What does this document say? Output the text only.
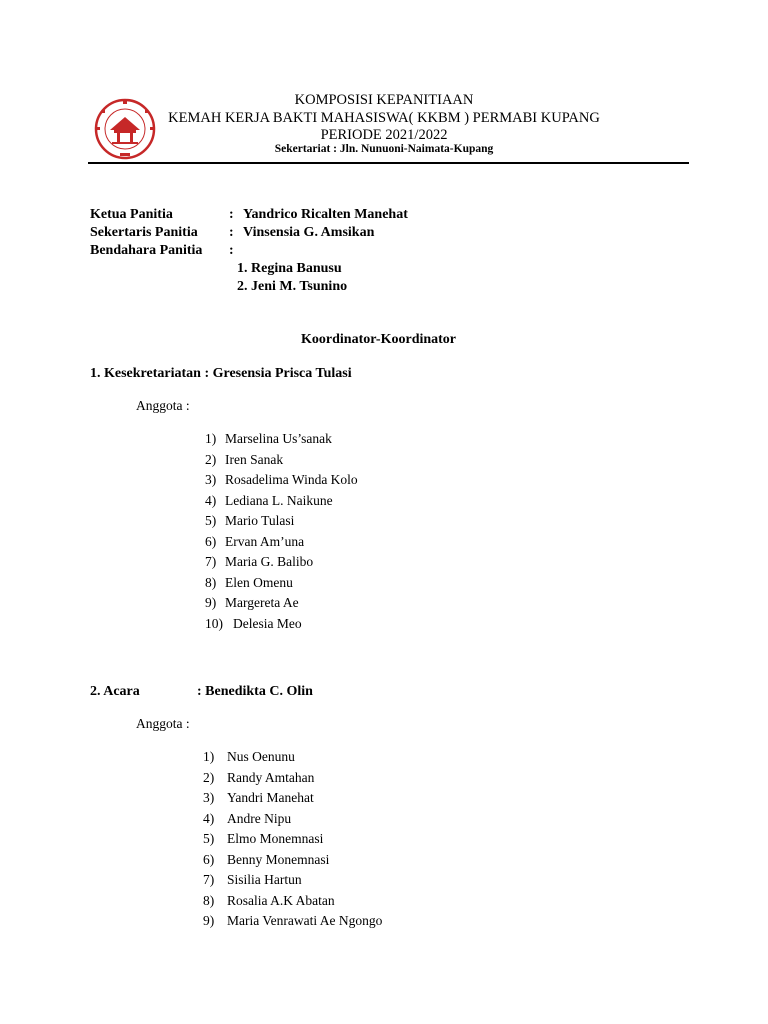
KOMPOSISI KEPANITIAAN
KEMAH KERJA BAKTI MAHASISWA( KKBM ) PERMABI KUPANG
PERIODE 2021/2022
Sekertariat : Jln. Nunuoni-Naimata-Kupang
Ketua Panitia	: Yandrico Ricalten Manehat
Sekertaris Panitia : Vinsensia G. Amsikan
Bendahara Panitia :
1. Regina Banusu
2. Jeni M. Tsunino
Koordinator-Koordinator
1. Kesekretariatan : Gresensia Prisca Tulasi
Anggota :
1) Marselina Us’sanak
2) Iren Sanak
3) Rosadelima Winda Kolo
4) Lediana L. Naikune
5) Mario Tulasi
6) Ervan Am’una
7) Maria G. Balibo
8) Elen Omenu
9) Margereta Ae
10) Delesia Meo
2. Acara	: Benedikta C. Olin
Anggota :
1) Nus Oenunu
2) Randy Amtahan
3) Yandri Manehat
4) Andre Nipu
5) Elmo Monemnasi
6) Benny Monemnasi
7) Sisilia Hartun
8) Rosalia A.K Abatan
9) Maria Venrawati Ae Ngongo
